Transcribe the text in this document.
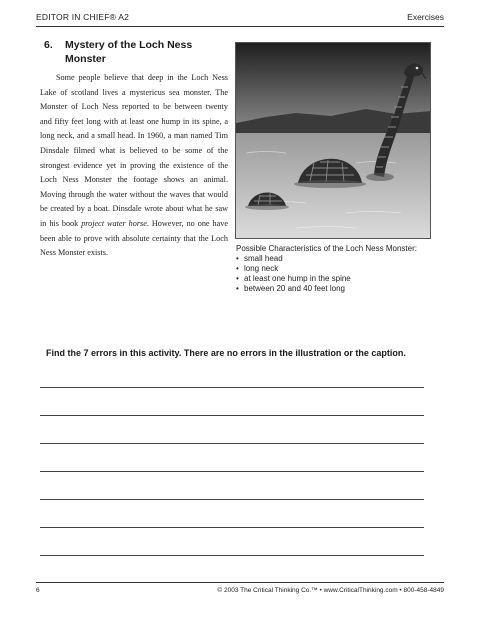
EDITOR IN CHIEF® A2	Exercises
6. Mystery of the Loch Ness Monster

Some people believe that deep in the Loch Ness Lake of scotland lives a mystericus sea monster. The Monster of Loch Ness reported to be between twenty and fifty feet long with at least one hump in its spine, a long neck, and a small head. In 1960, a man named Tim Dinsdale filmed what is believed to be some of the strongest evidence yet in proving the existence of the Loch Ness Monster the footage shows an animal. Moving through the water without the waves that would be created by a boat. Dinsdale wrote about what he saw in his book project water horse. However, no one have been able to prove with absolute certainty that the Loch Ness Monster exists.	Possible Characteristics of the Loch Ness Monster:

• small head
• long neck
• at least one hump in the spine
• between 20 and 40 feet long

Find the 7 errors in this activity. There are no errors in the illustration or the caption.

6	© 2003 The Critical Thinking Co.™ • www.CriticalThinking.com • 800-458-4849
